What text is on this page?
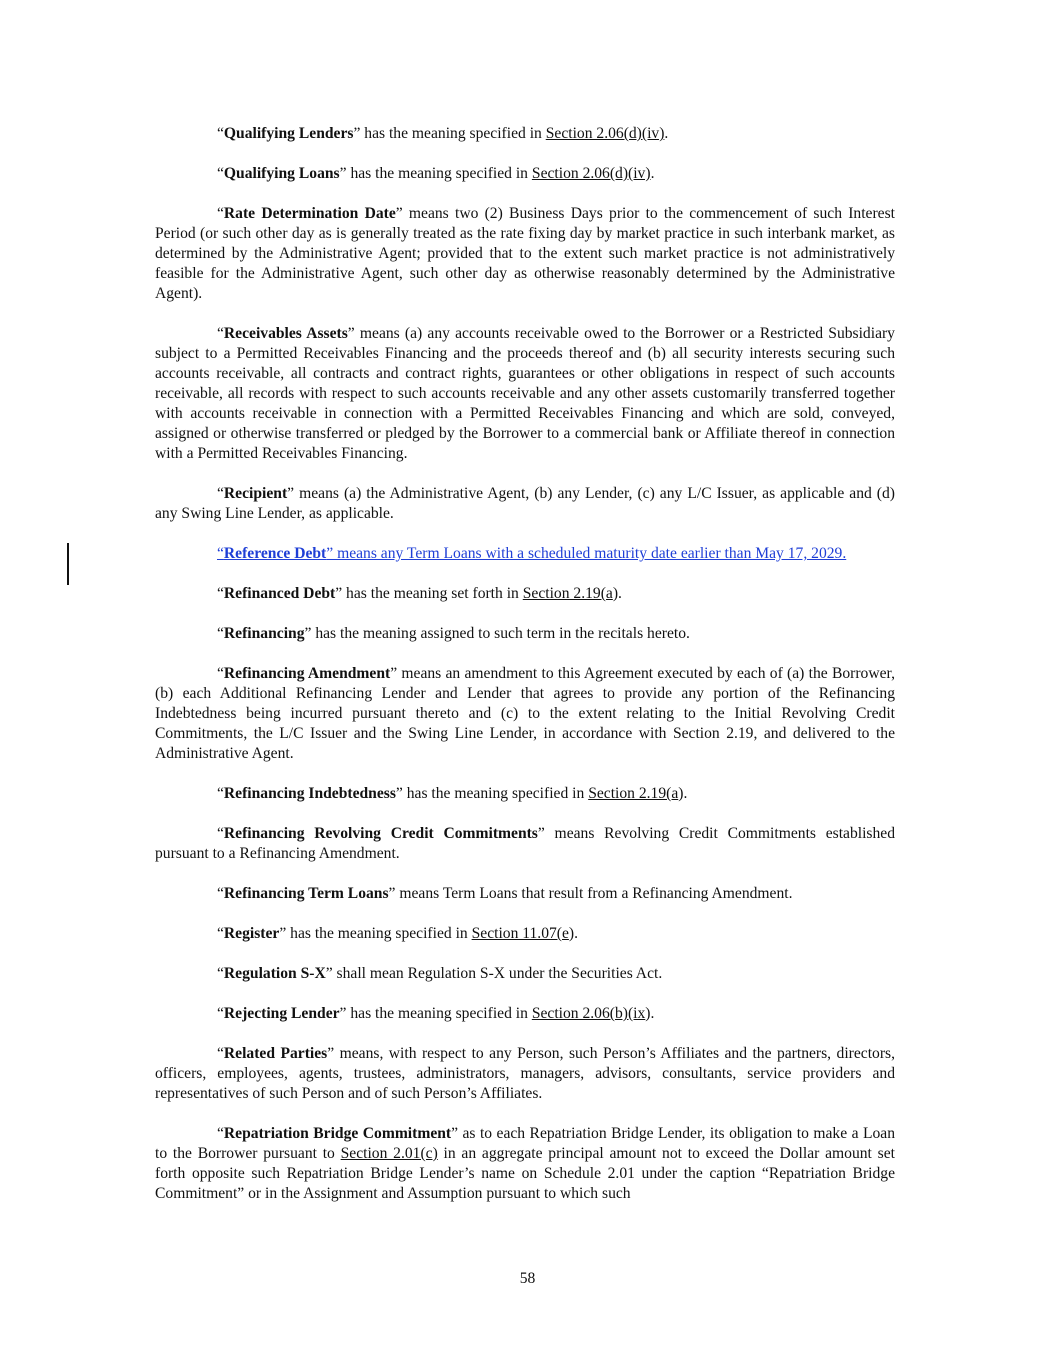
“Qualifying Lenders” has the meaning specified in Section 2.06(d)(iv).

“Qualifying Loans” has the meaning specified in Section 2.06(d)(iv).

“Rate Determination Date” means two (2) Business Days prior to the commencement of such Interest Period (or such other day as is generally treated as the rate fixing day by market practice in such interbank market, as determined by the Administrative Agent; provided that to the extent such market practice is not administratively feasible for the Administrative Agent, such other day as otherwise reasonably determined by the Administrative Agent).

“Receivables Assets” means (a) any accounts receivable owed to the Borrower or a Restricted Subsidiary subject to a Permitted Receivables Financing and the proceeds thereof and (b) all security interests securing such accounts receivable, all contracts and contract rights, guarantees or other obligations in respect of such accounts receivable, all records with respect to such accounts receivable and any other assets customarily transferred together with accounts receivable in connection with a Permitted Receivables Financing and which are sold, conveyed, assigned or otherwise transferred or pledged by the Borrower to a commercial bank or Affiliate thereof in connection with a Permitted Receivables Financing.

“Recipient” means (a) the Administrative Agent, (b) any Lender, (c) any L/C Issuer, as applicable and (d) any Swing Line Lender, as applicable.

“Reference Debt” means any Term Loans with a scheduled maturity date earlier than May 17, 2029.

“Refinanced Debt” has the meaning set forth in Section 2.19(a).

“Refinancing” has the meaning assigned to such term in the recitals hereto.

“Refinancing Amendment” means an amendment to this Agreement executed by each of (a) the Borrower, (b) each Additional Refinancing Lender and Lender that agrees to provide any portion of the Refinancing Indebtedness being incurred pursuant thereto and (c) to the extent relating to the Initial Revolving Credit Commitments, the L/C Issuer and the Swing Line Lender, in accordance with Section 2.19, and delivered to the Administrative Agent.

“Refinancing Indebtedness” has the meaning specified in Section 2.19(a).

“Refinancing Revolving Credit Commitments” means Revolving Credit Commitments established pursuant to a Refinancing Amendment.

“Refinancing Term Loans” means Term Loans that result from a Refinancing Amendment.

“Register” has the meaning specified in Section 11.07(e).

“Regulation S-X” shall mean Regulation S-X under the Securities Act.

“Rejecting Lender” has the meaning specified in Section 2.06(b)(ix).

“Related Parties” means, with respect to any Person, such Person’s Affiliates and the partners, directors, officers, employees, agents, trustees, administrators, managers, advisors, consultants, service providers and representatives of such Person and of such Person’s Affiliates.

“Repatriation Bridge Commitment” as to each Repatriation Bridge Lender, its obligation to make a Loan to the Borrower pursuant to Section 2.01(c) in an aggregate principal amount not to exceed the Dollar amount set forth opposite such Repatriation Bridge Lender’s name on Schedule 2.01 under the caption “Repatriation Bridge Commitment” or in the Assignment and Assumption pursuant to which such

58
